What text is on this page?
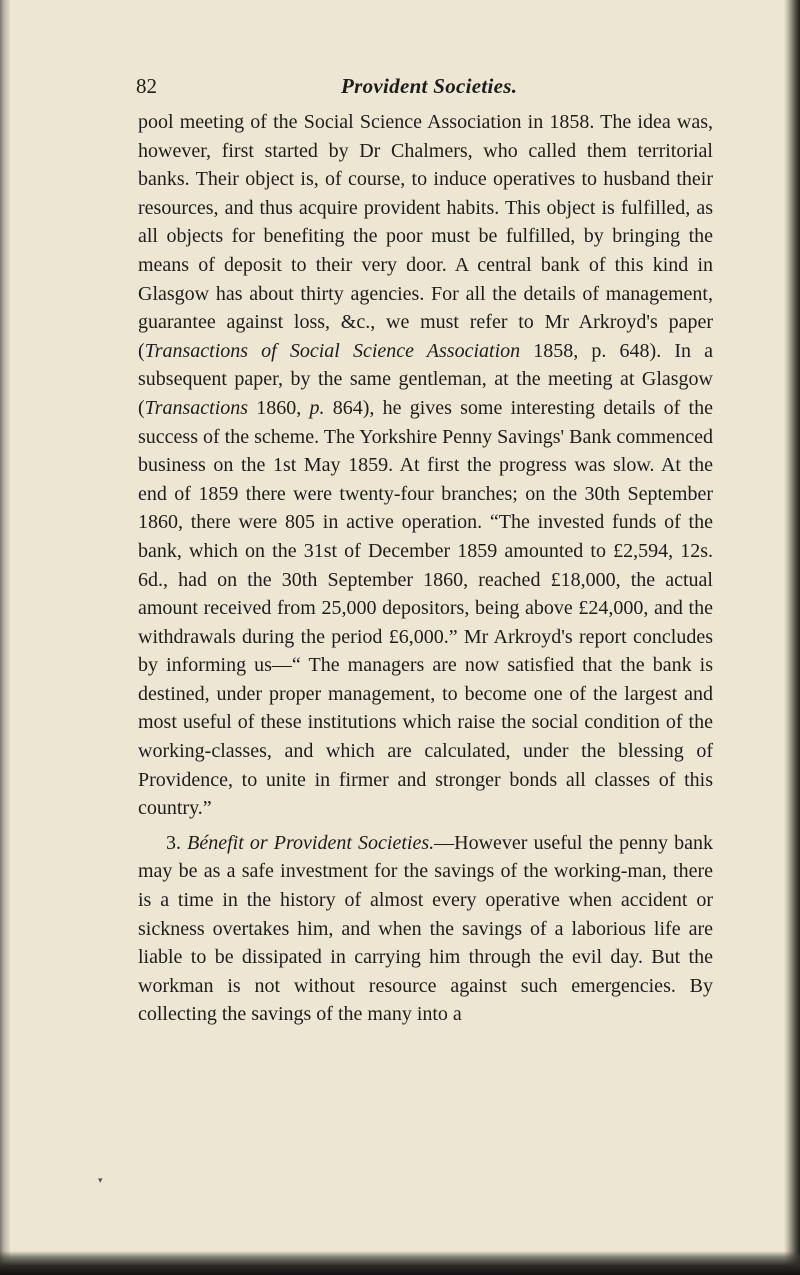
82	Provident Societies.

pool meeting of the Social Science Association in 1858. The idea was, however, first started by Dr Chalmers, who called them territorial banks. Their object is, of course, to induce operatives to husband their resources, and thus acquire provident habits. This object is fulfilled, as all objects for benefiting the poor must be fulfilled, by bringing the means of deposit to their very door. A central bank of this kind in Glasgow has about thirty agencies. For all the details of management, guarantee against loss, &c., we must refer to Mr Arkroyd's paper (Transactions of Social Science Association 1858, p. 648). In a subsequent paper, by the same gentleman, at the meeting at Glasgow (Transactions 1860, p. 864), he gives some interesting details of the success of the scheme. The Yorkshire Penny Savings' Bank commenced business on the 1st May 1859. At first the progress was slow. At the end of 1859 there were twenty-four branches; on the 30th September 1860, there were 805 in active operation. “The invested funds of the bank, which on the 31st of December 1859 amounted to £2,594, 12s. 6d., had on the 30th September 1860, reached £18,000, the actual amount received from 25,000 depositors, being above £24,000, and the withdrawals during the period £6,000.” Mr Arkroyd's report concludes by informing us—“ The managers are now satisfied that the bank is destined, under proper management, to become one of the largest and most useful of these institutions which raise the social condition of the working-classes, and which are calculated, under the blessing of Providence, to unite in firmer and stronger bonds all classes of this country.”

3. Bénefit or Provident Societies.—However useful the penny bank may be as a safe investment for the savings of the working-man, there is a time in the history of almost every operative when accident or sickness overtakes him, and when the savings of a laborious life are liable to be dissipated in carrying him through the evil day. But the workman is not without resource against such emergencies. By collecting the savings of the many into a

▾
